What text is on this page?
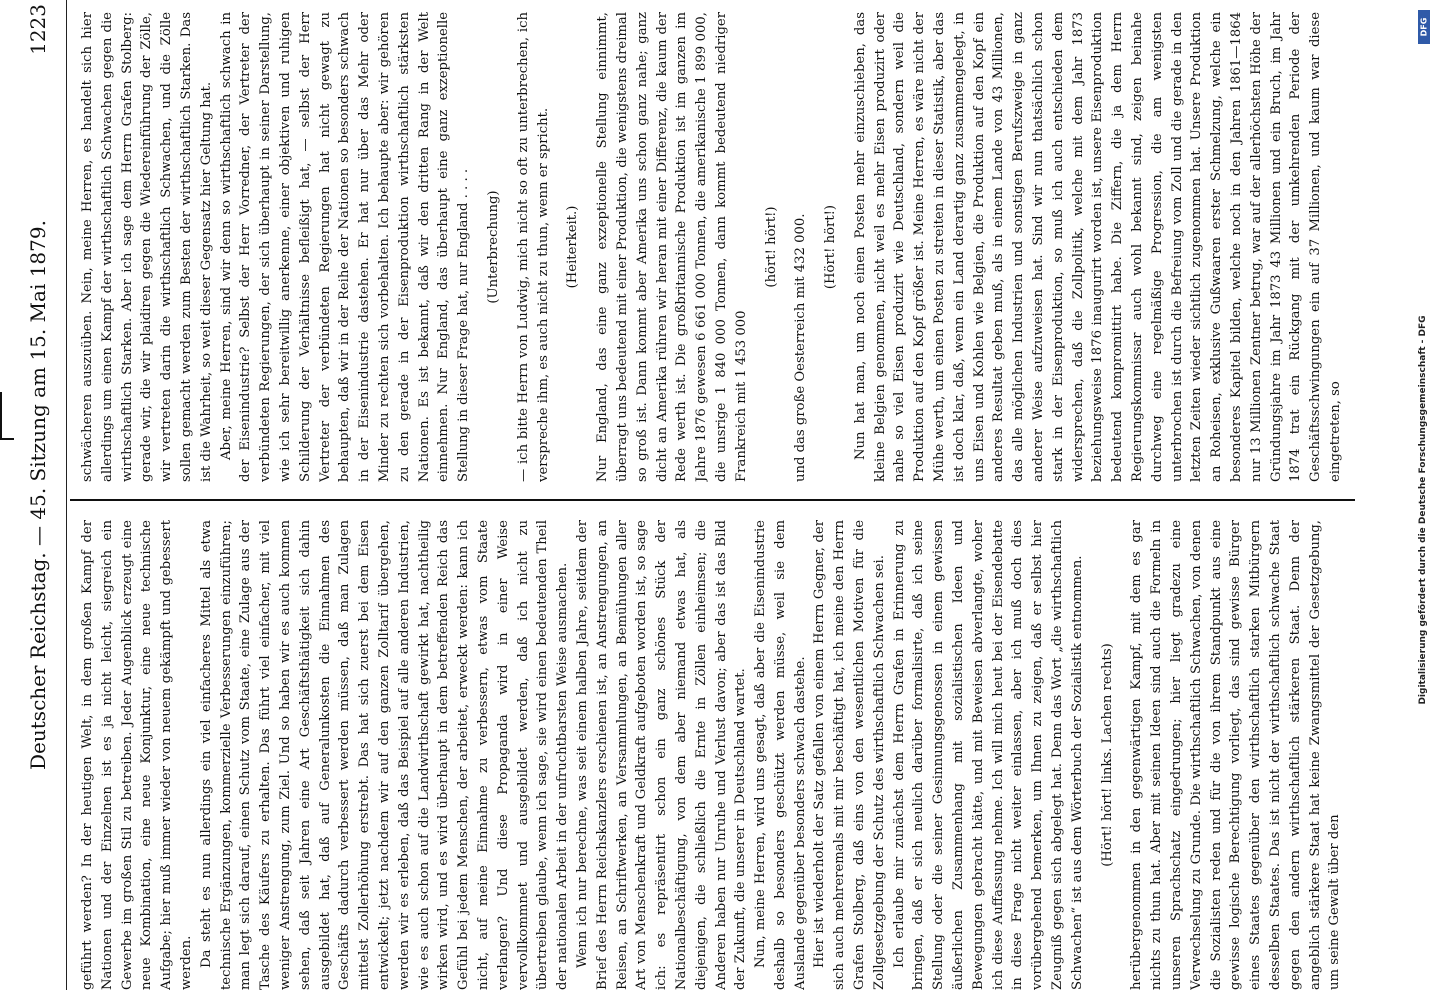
Deutscher Reichstag. — 45. Sitzung am 15. Mai 1879.
1223

geführt werden? In der heutigen Welt, in dem großen Kampf der Nationen und der Einzelnen ist es ja nicht leicht, siegreich ein Gewerbe im großen Stil zu betreiben. Jeder Augenblick erzeugt eine neue Kombination, eine neue Konjunktur, eine neue technische Aufgabe; hier muß immer wieder von neuem gekämpft und gebessert werden. Da steht es nun allerdings ein viel einfacheres Mittel als etwa technische Ergänzungen, kommerzielle Verbesserungen einzuführen; man legt sich darauf, einen Schutz vom Staate, eine Zulage aus der Tasche des Käufers zu erhalten. Das führt viel einfacher, mit viel weniger Anstrengung, zum Ziel. Und so haben wir es auch kommen sehen, daß seit Jahren eine Art Geschäftsthätigkeit sich dahin ausgebildet hat, daß auf Generalunkosten die Einnahmen des Geschäfts dadurch verbessert werden müssen, daß man Zulagen mittelst Zollerhöhung erstrebt. Das hat sich zuerst bei dem Eisen entwickelt; jetzt nachdem wir auf den ganzen Zolltarif übergehen, werden wir es erleben, daß das Beispiel auf alle anderen Industrien, wie es auch schon auf die Landwirthschaft gewirkt hat, nachtheilig wirken wird, und es wird überhaupt in dem betreffenden Reich das Gefühl bei jedem Menschen, der arbeitet, erweckt werden: kann ich nicht, auf meine Einnahme zu verbessern, etwas vom Staate verlangen? Und diese Propaganda wird in einer Weise vervollkommnet und ausgebildet werden, daß ich nicht zu übertreiben glaube, wenn ich sage, sie wird einen bedeutenden Theil der nationalen Arbeit in der unfruchtbarsten Weise ausmachen. Wenn ich nur berechne, was seit einem halben Jahre, seitdem der Brief des Herrn Reichskanzlers erschienen ist, an Anstrengungen, an Reisen, an Schriftwerken, an Versammlungen, an Bemühungen aller Art von Menschenkraft und Geldkraft aufgeboten worden ist, so sage ich: es repräsentirt schon ein ganz schönes Stück der Nationalbeschäftigung, von dem aber niemand etwas hat, als diejenigen, die schließlich die Ernte in Zöllen einheimsen; die Anderen haben nur Unruhe und Verlust davon; aber das ist das Bild der Zukunft, die unserer in Deutschland wartet. Nun, meine Herren, wird uns gesagt, daß aber die Eisenindustrie deshalb so besonders geschützt werden müsse, weil sie dem Auslande gegenüber besonders schwach dastehe. Hier ist wiederholt der Satz gefallen von einem Herrn Gegner, der sich auch mehreremals mit mir beschäftigt hat, ich meine den Herrn Grafen Stolberg, daß eins von den wesentlichen Motiven für die Zollgesetzgebung der Schutz des wirthschaftlich Schwachen sei. Ich erlaube mir zunächst dem Herrn Grafen in Erinnerung zu bringen, daß er sich neulich darüber formalisirte, daß ich seine Stellung oder die seiner Gesinnungsgenossen in einem gewissen äußerlichen Zusammenhang mit sozialistischen Ideen und Bewegungen gebracht hätte, und mit Beweisen abverlangte, woher ich diese Auffassung nehme. Ich will mich heut bei der Eisendebatte in diese Frage nicht weiter einlassen, aber ich muß doch dies vorübergehend bemerken, um Ihnen zu zeigen, daß er selbst hier Zeugniß gegen sich abgelegt hat. Denn das Wort „die wirthschaftlich Schwachen“ ist aus dem Wörterbuch der Sozialistik entnommen. (Hört! hört! links. Lachen rechts) herübergenommen in den gegenwärtigen Kampf, mit dem es gar nichts zu thun hat. Aber mit seinen Ideen sind auch die Formeln in unseren Sprachschatz eingedrungen; hier liegt gradezu eine Verwechselung zu Grunde. Die wirthschaftlich Schwachen, von denen die Sozialisten reden und für die von ihrem Standpunkt aus eine gewisse logische Berechtigung vorliegt, das sind gewisse Bürger eines Staates gegenüber den wirthschaftlich starken Mitbürgern desselben Staates. Das ist nicht der wirthschaftlich schwache Staat gegen den andern wirthschaftlich stärkeren Staat. Denn der angeblich stärkere Staat hat keine Zwangsmittel der Gesetzgebung, um seine Gewalt über den

schwächeren auszuüben. Nein, meine Herren, es handelt sich hier allerdings um einen Kampf der wirthschaftlich Schwachen gegen die wirthschaftlich Starken. Aber ich sage dem Herrn Grafen Stolberg: gerade wir, die wir plaidiren gegen die Wiedereinführung der Zölle, wir vertreten darin die wirthschaftlich Schwachen, und die Zölle sollen gemacht werden zum Besten der wirthschaftlich Starken. Das ist die Wahrheit, so weit dieser Gegensatz hier Geltung hat. Aber, meine Herren, sind wir denn so wirthschaftlich schwach in der Eisenindustrie? Selbst der Herr Vorredner, der Vertreter der verbündeten Regierungen, der sich überhaupt in seiner Darstellung, wie ich sehr bereitwillig anerkenne, einer objektiven und ruhigen Schilderung der Verhältnisse befleißigt hat, — selbst der Herr Vertreter der verbündeten Regierungen hat nicht gewagt zu behaupten, daß wir in der Reihe der Nationen so besonders schwach in der Eisenindustrie dastehen. Er hat nur über das Mehr oder Minder zu rechten sich vorbehalten. Ich behaupte aber: wir gehören zu den gerade in der Eisenproduktion wirthschaftlich stärksten Nationen. Es ist bekannt, daß wir den dritten Rang in der Welt einnehmen. Nur England, das überhaupt eine ganz exzeptionelle Stellung in dieser Frage hat, nur England . . . . (Unterbrechung) — ich bitte Herrn von Ludwig, mich nicht so oft zu unterbrechen, ich verspreche ihm, es auch nicht zu thun, wenn er spricht. (Heiterkeit.) Nur England, das eine ganz exzeptionelle Stellung einnimmt, überragt uns bedeutend mit einer Produktion, die wenigstens dreimal so groß ist. Dann kommt aber Amerika uns schon ganz nahe; ganz dicht an Amerika rühren wir heran mit einer Differenz, die kaum der Rede werth ist. Die großbritannische Produktion ist im ganzen im Jahre 1876 gewesen 6 661 000 Tonnen, die amerikanische 1 899 000, die unsrige 1 840 000 Tonnen, dann kommt bedeutend niedriger Frankreich mit 1 453 000

(hört! hört!) und das große Oesterreich mit 432 000. (Hört! hört!) Nun hat man, um noch einen Posten mehr einzuschieben, das kleine Belgien genommen, nicht weil es mehr Eisen produzirt oder nahe so viel Eisen produzirt wie Deutschland, sondern weil die Produktion auf den Kopf größer ist. Meine Herren, es wäre nicht der Mühe werth, um einen Posten zu streiten in dieser Statistik, aber das ist doch klar, daß, wenn ein Land derartig ganz zusammengelegt, in uns Eisen und Kohlen wie Belgien, die Produktion auf den Kopf ein anderes Resultat geben muß, als in einem Lande von 43 Millionen, das alle möglichen Industrien und sonstigen Berufszweige in ganz anderer Weise aufzuweisen hat. Sind wir nun thatsächlich schon stark in der Eisenproduktion, so muß ich auch entschieden dem widersprechen, daß die Zollpolitik, welche mit dem Jahr 1873 beziehungsweise 1876 inaugurirt worden ist, unsere Eisenproduktion bedeutend kompromittirt habe. Die Ziffern, die ja dem Herrn Regierungskommissar auch wohl bekannt sind, zeigen beinahe durchweg eine regelmäßige Progression, die am wenigsten unterbrochen ist durch die Befreiung vom Zoll und die gerade in den letzten Zeiten wieder sichtlich zugenommen hat. Unsere Produktion an Roheisen, exklusive Gußwaaren erster Schmelzung, welche ein besonderes Kapitel bilden, welche noch in den Jahren 1861—1864 nur 13 Millionen Zentner betrug, war auf der allerhöchsten Höhe der Gründungsjahre im Jahr 1873 43 Millionen und ein Bruch, im Jahr 1874 trat ein Rückgang mit der umkehrenden Periode der Geschäftsschwingungen ein auf 37 Millionen, und kaum war diese eingetreten, so

DFG
Digitalisierung gefördert durch die Deutsche Forschungsgemeinschaft - DFG
